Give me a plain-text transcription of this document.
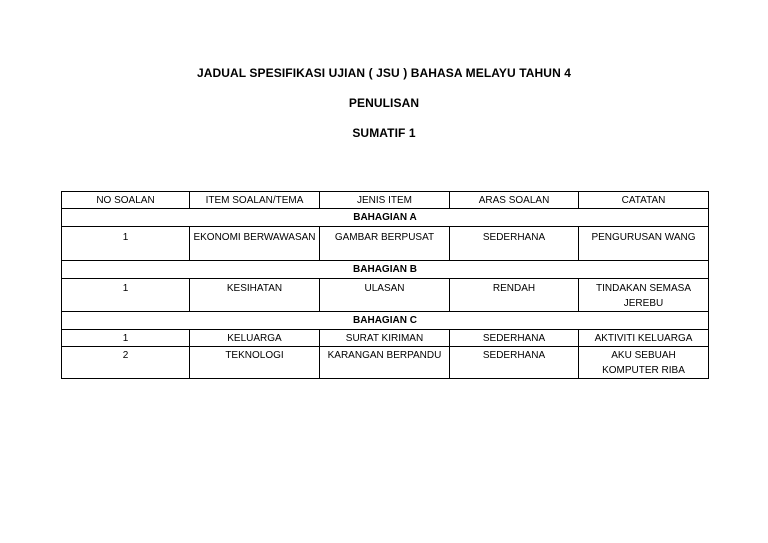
JADUAL SPESIFIKASI UJIAN ( JSU ) BAHASA MELAYU TAHUN 4
PENULISAN
SUMATIF 1
NO SOALAN	ITEM SOALAN/TEMA	JENIS ITEM	ARAS SOALAN	CATATAN
BAHAGIAN A				
1	EKONOMI BERWAWASAN	GAMBAR BERPUSAT	SEDERHANA	PENGURUSAN WANG
BAHAGIAN B				
1	KESIHATAN	ULASAN	RENDAH	TINDAKAN SEMASA JEREBU
BAHAGIAN C				
1	KELUARGA	SURAT KIRIMAN	SEDERHANA	AKTIVITI KELUARGA
2	TEKNOLOGI	KARANGAN BERPANDU	SEDERHANA	AKU SEBUAH KOMPUTER RIBA
